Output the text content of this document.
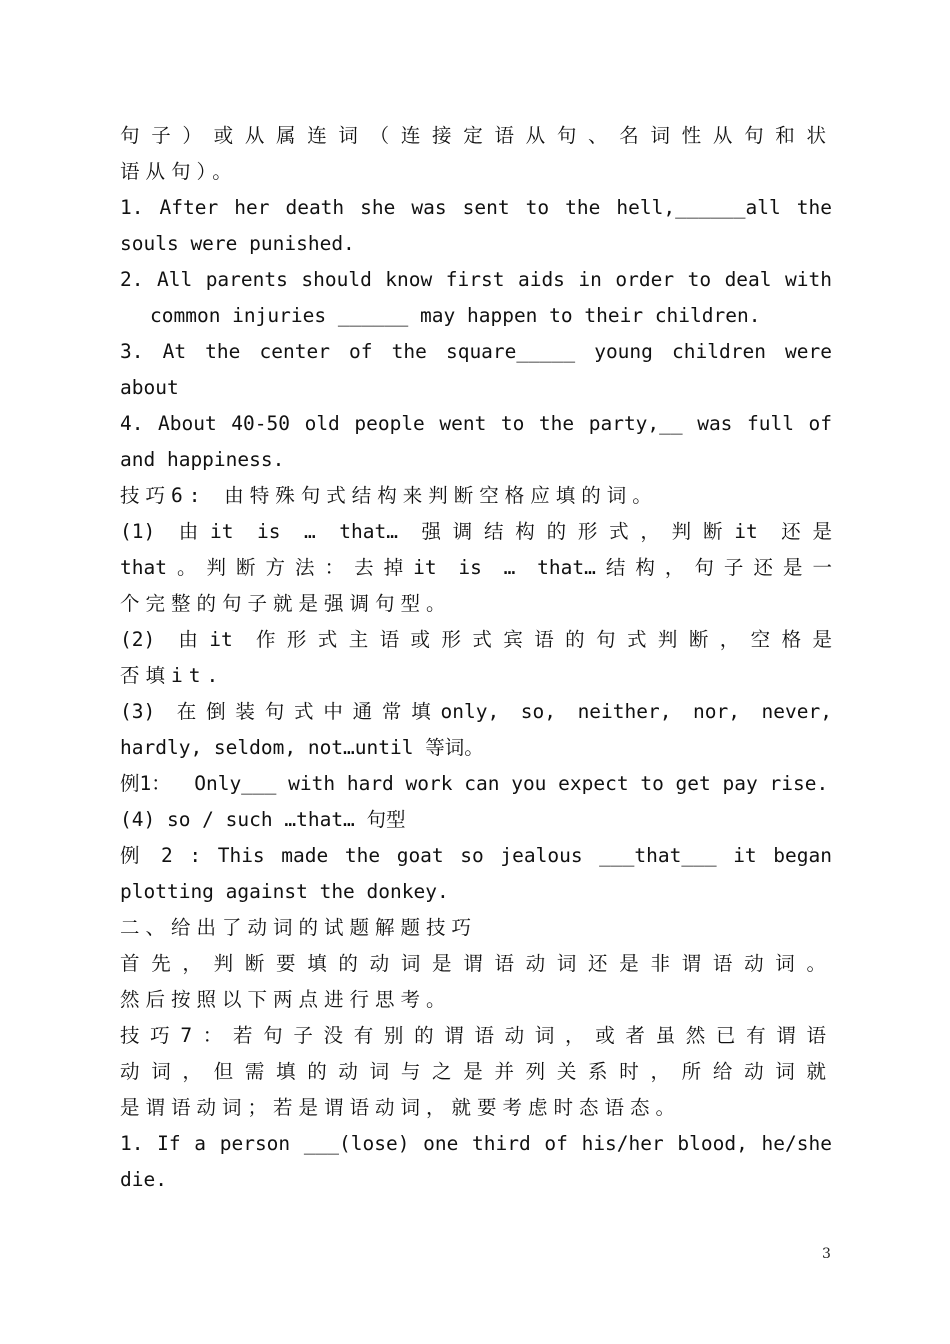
句子）或从属连词（连接定语从句、名词性从句和状
语从句）。
1. After her death she was sent to the hell,______all the
souls were punished.
2. All parents should know first aids in order to deal with
common injuries ______ may happen to their children.
3. At the center of the square_____ young children were
about
4. About 40-50 old people went to the party,__ was full of
and happiness.
技巧6: 由特殊句式结构来判断空格应填的词。
(1) 由it is … that… 强调结构的形式，判断it 还是
that。判断方法：去掉it is … that…结构，句子还是一
个完整的句子就是强调句型。
(2) 由it 作形式主语或形式宾语的句式判断，空格是
否填it.
(3) 在倒装句式中通常填only, so, neither, nor, never,
hardly, seldom, not…until 等词。
例1：  Only___ with hard work can you expect to get pay rise.
(4) so / such …that… 句型
例 2 : This made the goat so jealous ___that___ it began
plotting against the donkey.
二、给出了动词的试题解题技巧
首先，判断要填的动词是谓语动词还是非谓语动词。
然后按照以下两点进行思考。
技巧7：若句子没有别的谓语动词，或者虽然已有谓语
动词，但需填的动词与之是并列关系时，所给动词就
是谓语动词；若是谓语动词，就要考虑时态语态。
1. If a person ___(lose) one third of his/her blood, he/she
die.
3
